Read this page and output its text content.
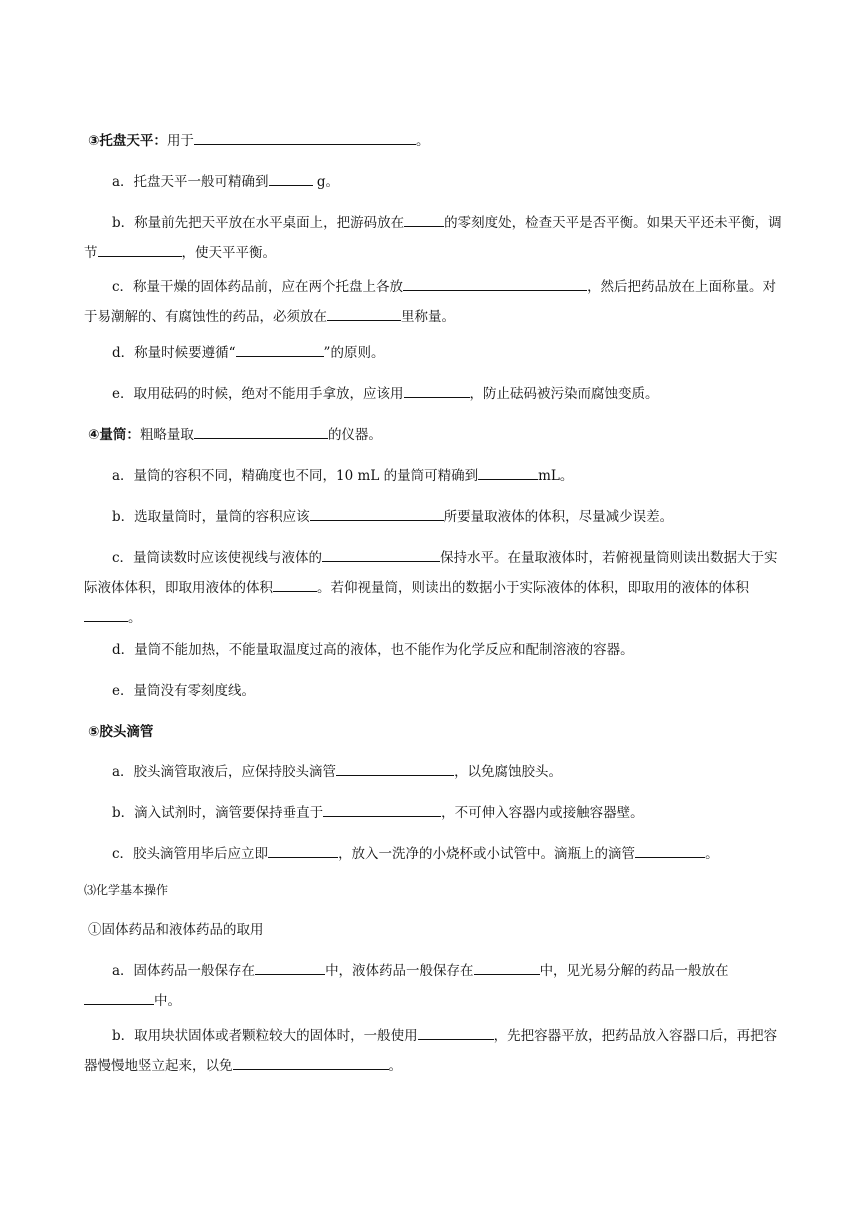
③托盘天平：用于	。
a．托盘天平一般可精确到	g。
b．称量前先把天平放在水平桌面上，把游码放在	的零刻度处，检查天平是否平衡。如果天平还未平衡，调节	，使天平平衡。
c．称量干燥的固体药品前，应在两个托盘上各放	，然后把药品放在上面称量。对于易潮解的、有腐蚀性的药品，必须放在	里称量。
d．称量时候要遵循“	”的原则。
e．取用砝码的时候，绝对不能用手拿放，应该用	，防止砝码被污染而腐蚀变质。
④量筒：粗略量取	的仪器。
a．量筒的容积不同，精确度也不同，10 mL 的量筒可精确到	mL。
b．选取量筒时，量筒的容积应该	所要量取液体的体积，尽量减少误差。
c．量筒读数时应该使视线与液体的	保持水平。在量取液体时，若俯视量筒则读出数据大于实际液体体积，即取用液体的体积	。若仰视量筒，则读出的数据小于实际液体的体积，即取用的液体的体积。
d．量筒不能加热，不能量取温度过高的液体，也不能作为化学反应和配制溶液的容器。
e．量筒没有零刻度线。
⑤胶头滴管
a．胶头滴管取液后，应保持胶头滴管	，以免腐蚀胶头。
b．滴入试剂时，滴管要保持垂直于	，不可伸入容器内或接触容器壁。
c．胶头滴管用毕后应立即	，放入一洗净的小烧杯或小试管中。滴瓶上的滴管	。
⑶化学基本操作
①固体药品和液体药品的取用
a．固体药品一般保存在	中，液体药品一般保存在	中，见光易分解的药品一般放在中。
b．取用块状固体或者颗粒较大的固体时，一般使用	，先把容器平放，把药品放入容器口后，再把容器慢慢地竖立起来，以免	。
